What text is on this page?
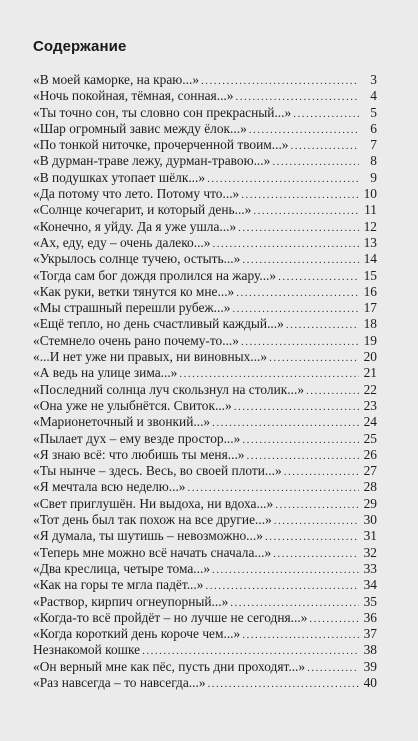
Содержание
«В моей каморке, на краю...» .....	3
«Ночь покойная, тёмная, сонная...» .....	4
«Ты точно сон, ты словно сон прекрасный...» .....	5
«Шар огромный завис между ёлок...» .....	6
«По тонкой ниточке, прочерченной твоим...» .....	7
«В дурман-траве лежу, дурман-травою...» .....	8
«В подушках утопает шёлк...» .....	9
«Да потому что лето. Потому что...» .....	10
«Солнце кочегарит, и который день...» .....	11
«Конечно, я уйду. Да я уже ушла...» .....	12
«Ах, еду, еду – очень далеко...» .....	13
«Укрылось солнце тучею, остыть...» .....	14
«Тогда сам бог дождя пролился на жару...» .....	15
«Как руки, ветки тянутся ко мне...» .....	16
«Мы страшный перешли рубеж...» .....	17
«Ещё тепло, но день счастливый каждый...» .....	18
«Стемнело очень рано почему-то...» .....	19
«...И нет уже ни правых, ни виновных...» .....	20
«А ведь на улице зима...» .....	21
«Последний солнца луч скользнул на столик...» .....	22
«Она уже не улыбнётся. Свиток...» .....	23
«Марионеточный и звонкий...» .....	24
«Пылает дух – ему везде простор...» .....	25
«Я знаю всё: что любишь ты меня...» .....	26
«Ты нынче – здесь. Весь, во своей плоти...» .....	27
«Я мечтала всю неделю...» .....	28
«Свет приглушён. Ни выдоха, ни вдоха...» .....	29
«Тот день был так похож на все другие...» .....	30
«Я думала, ты шутишь – невозможно...» .....	31
«Теперь мне можно всё начать сначала...» .....	32
«Два креслица, четыре тома...» .....	33
«Как на горы те мгла падёт...» .....	34
«Раствор, кирпич огнеупорный...» .....	35
«Когда-то всё пройдёт – но лучше не сегодня...» .....	36
«Когда короткий день короче чем...» .....	37
Незнакомой кошке .....	38
«Он верный мне как пёс, пусть дни проходят...» .....	39
«Раз навсегда – то навсегда...» .....	40
